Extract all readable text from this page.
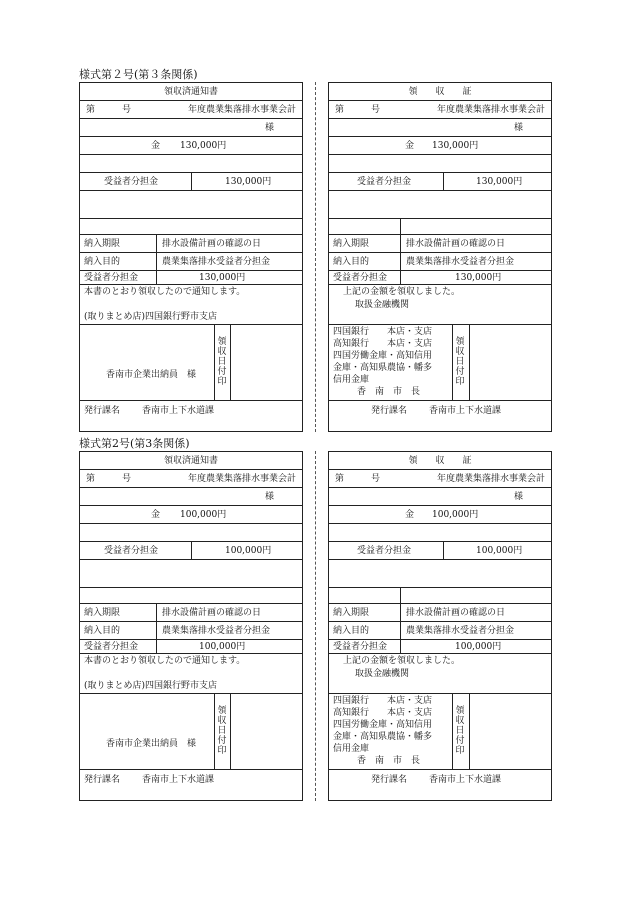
様式第２号(第３条関係)
領収済通知書
第　　　号	年度農業集落排水事業会計
様
金 130,000円
受益者分担金	130,000円
納入期限	排水設備計画の確認の日
納入目的	農業集落排水受益者分担金
受益者分担金	130,000円
本書のとおり領収したので通知します。
(取りまとめ店)四国銀行野市支店
香南市企業出納員　様
領収日付印
発行課名 香南市上下水道課
領　　収　　証
第　　　号	年度農業集落排水事業会計
様
金 130,000円
受益者分担金	130,000円
納入期限	排水設備計画の確認の日
納入目的	農業集落排水受益者分担金
受益者分担金	130,000円
上記の金額を領収しました。
取扱金融機関
四国銀行　　本店・支店
高知銀行　　本店・支店
四国労働金庫・高知信用
金庫・高知県農協・幡多
信用金庫
香　南　市　長
領収日付印
発行課名 香南市上下水道課
様式第2号(第3条関係)
領収済通知書
第　　　号	年度農業集落排水事業会計
様
金 100,000円
受益者分担金	100,000円
納入期限	排水設備計画の確認の日
納入目的	農業集落排水受益者分担金
受益者分担金	100,000円
本書のとおり領収したので通知します。
(取りまとめ店)四国銀行野市支店
香南市企業出納員　様
領収日付印
発行課名 香南市上下水道課
領　　収　　証
第　　　号	年度農業集落排水事業会計
様
金 100,000円
受益者分担金	100,000円
納入期限	排水設備計画の確認の日
納入目的	農業集落排水受益者分担金
受益者分担金	100,000円
上記の金額を領収しました。
取扱金融機関
四国銀行　　本店・支店
高知銀行　　本店・支店
四国労働金庫・高知信用
金庫・高知県農協・幡多
信用金庫
香　南　市　長
領収日付印
発行課名 香南市上下水道課
